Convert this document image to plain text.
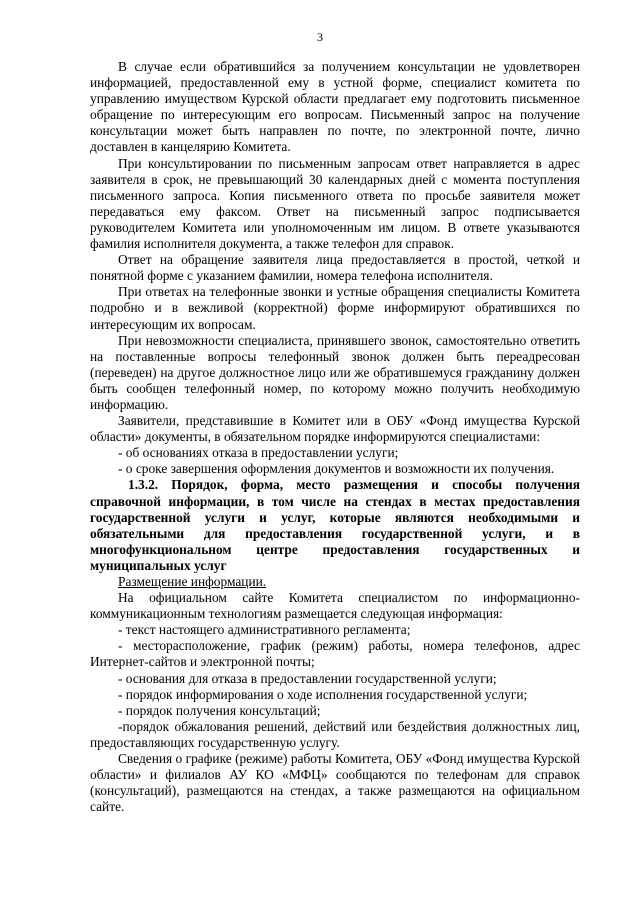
3

В случае если обратившийся за получением консультации не удовлетворен информацией, предоставленной ему в устной форме, специалист комитета по управлению имуществом Курской области предлагает ему подготовить письменное обращение по интересующим его вопросам. Письменный запрос на получение консультации может быть направлен по почте, по электронной почте, лично доставлен в канцелярию Комитета.

При консультировании по письменным запросам ответ направляется в адрес заявителя в срок, не превышающий 30 календарных дней с момента поступления письменного запроса. Копия письменного ответа по просьбе заявителя может передаваться ему факсом. Ответ на письменный запрос подписывается руководителем Комитета или уполномоченным им лицом. В ответе указываются фамилия исполнителя документа, а также телефон для справок.

Ответ на обращение заявителя лица предоставляется в простой, четкой и понятной форме с указанием фамилии, номера телефона исполнителя.

При ответах на телефонные звонки и устные обращения специалисты Комитета подробно и в вежливой (корректной) форме информируют обратившихся по интересующим их вопросам.

При невозможности специалиста, принявшего звонок, самостоятельно ответить на поставленные вопросы телефонный звонок должен быть переадресован (переведен) на другое должностное лицо или же обратившемуся гражданину должен быть сообщен телефонный номер, по которому можно получить необходимую информацию.

Заявители, представившие в Комитет или в ОБУ «Фонд имущества Курской области» документы, в обязательном порядке информируются специалистами:

- об основаниях отказа в предоставлении услуги;

- о сроке завершения оформления документов и возможности их получения.

1.3.2. Порядок, форма, место размещения и способы получения справочной информации, в том числе на стендах в местах предоставления государственной услуги и услуг, которые являются необходимыми и обязательными для предоставления государственной услуги, и в многофункциональном центре предоставления государственных и муниципальных услуг

Размещение информации.

На официальном сайте Комитета специалистом по информационно-коммуникационным технологиям размещается следующая информация:

- текст настоящего административного регламента;

- месторасположение, график (режим) работы, номера телефонов, адрес Интернет-сайтов и электронной почты;

- основания для отказа в предоставлении государственной услуги;

- порядок информирования о ходе исполнения государственной услуги;

- порядок получения консультаций;

-порядок обжалования решений, действий или бездействия должностных лиц, предоставляющих государственную услугу.

Сведения о графике (режиме) работы Комитета, ОБУ «Фонд имущества Курской области» и филиалов АУ КО «МФЦ» сообщаются по телефонам для справок (консультаций), размещаются на стендах, а также размещаются на официальном сайте.
